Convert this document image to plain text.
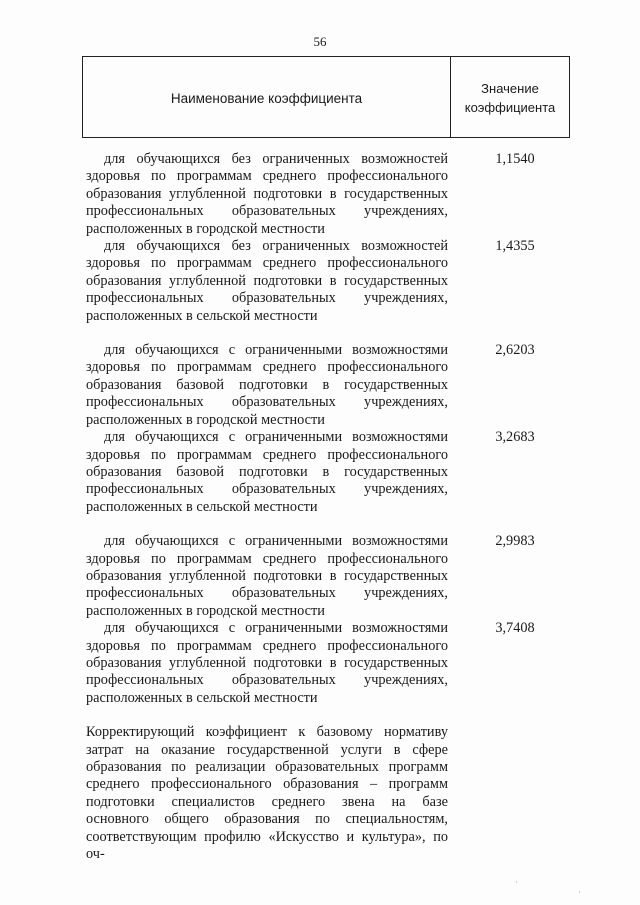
56
Наименование коэффициента
Значение
коэффициента
для обучающихся без ограниченных возможностей здоровья по программам среднего профессионального образования углубленной подготовки в государственных профессиональных образовательных учреждениях, расположенных в городской местности
1,1540
для обучающихся без ограниченных возможностей здоровья по программам среднего профессионального образования углубленной подготовки в государственных профессиональных образовательных учреждениях, расположенных в сельской местности
1,4355
для обучающихся с ограниченными возможностями здоровья по программам среднего профессионального образования базовой подготовки в государственных профессиональных образовательных учреждениях, расположенных в городской местности
2,6203
для обучающихся с ограниченными возможностями здоровья по программам среднего профессионального образования базовой подготовки в государственных профессиональных образовательных учреждениях, расположенных в сельской местности
3,2683
для обучающихся с ограниченными возможностями здоровья по программам среднего профессионального образования углубленной подготовки в государственных профессиональных образовательных учреждениях, расположенных в городской местности
2,9983
для обучающихся с ограниченными возможностями здоровья по программам среднего профессионального образования углубленной подготовки в государственных профессиональных образовательных учреждениях, расположенных в сельской местности
3,7408
Корректирующий коэффициент к базовому нормативу затрат на оказание государственной услуги в сфере образования по реализации образовательных программ среднего профессионального образования – программ подготовки специалистов среднего звена на базе основного общего образования по специальностям, соответствующим профилю «Искусство и культура», по оч-
·
·
